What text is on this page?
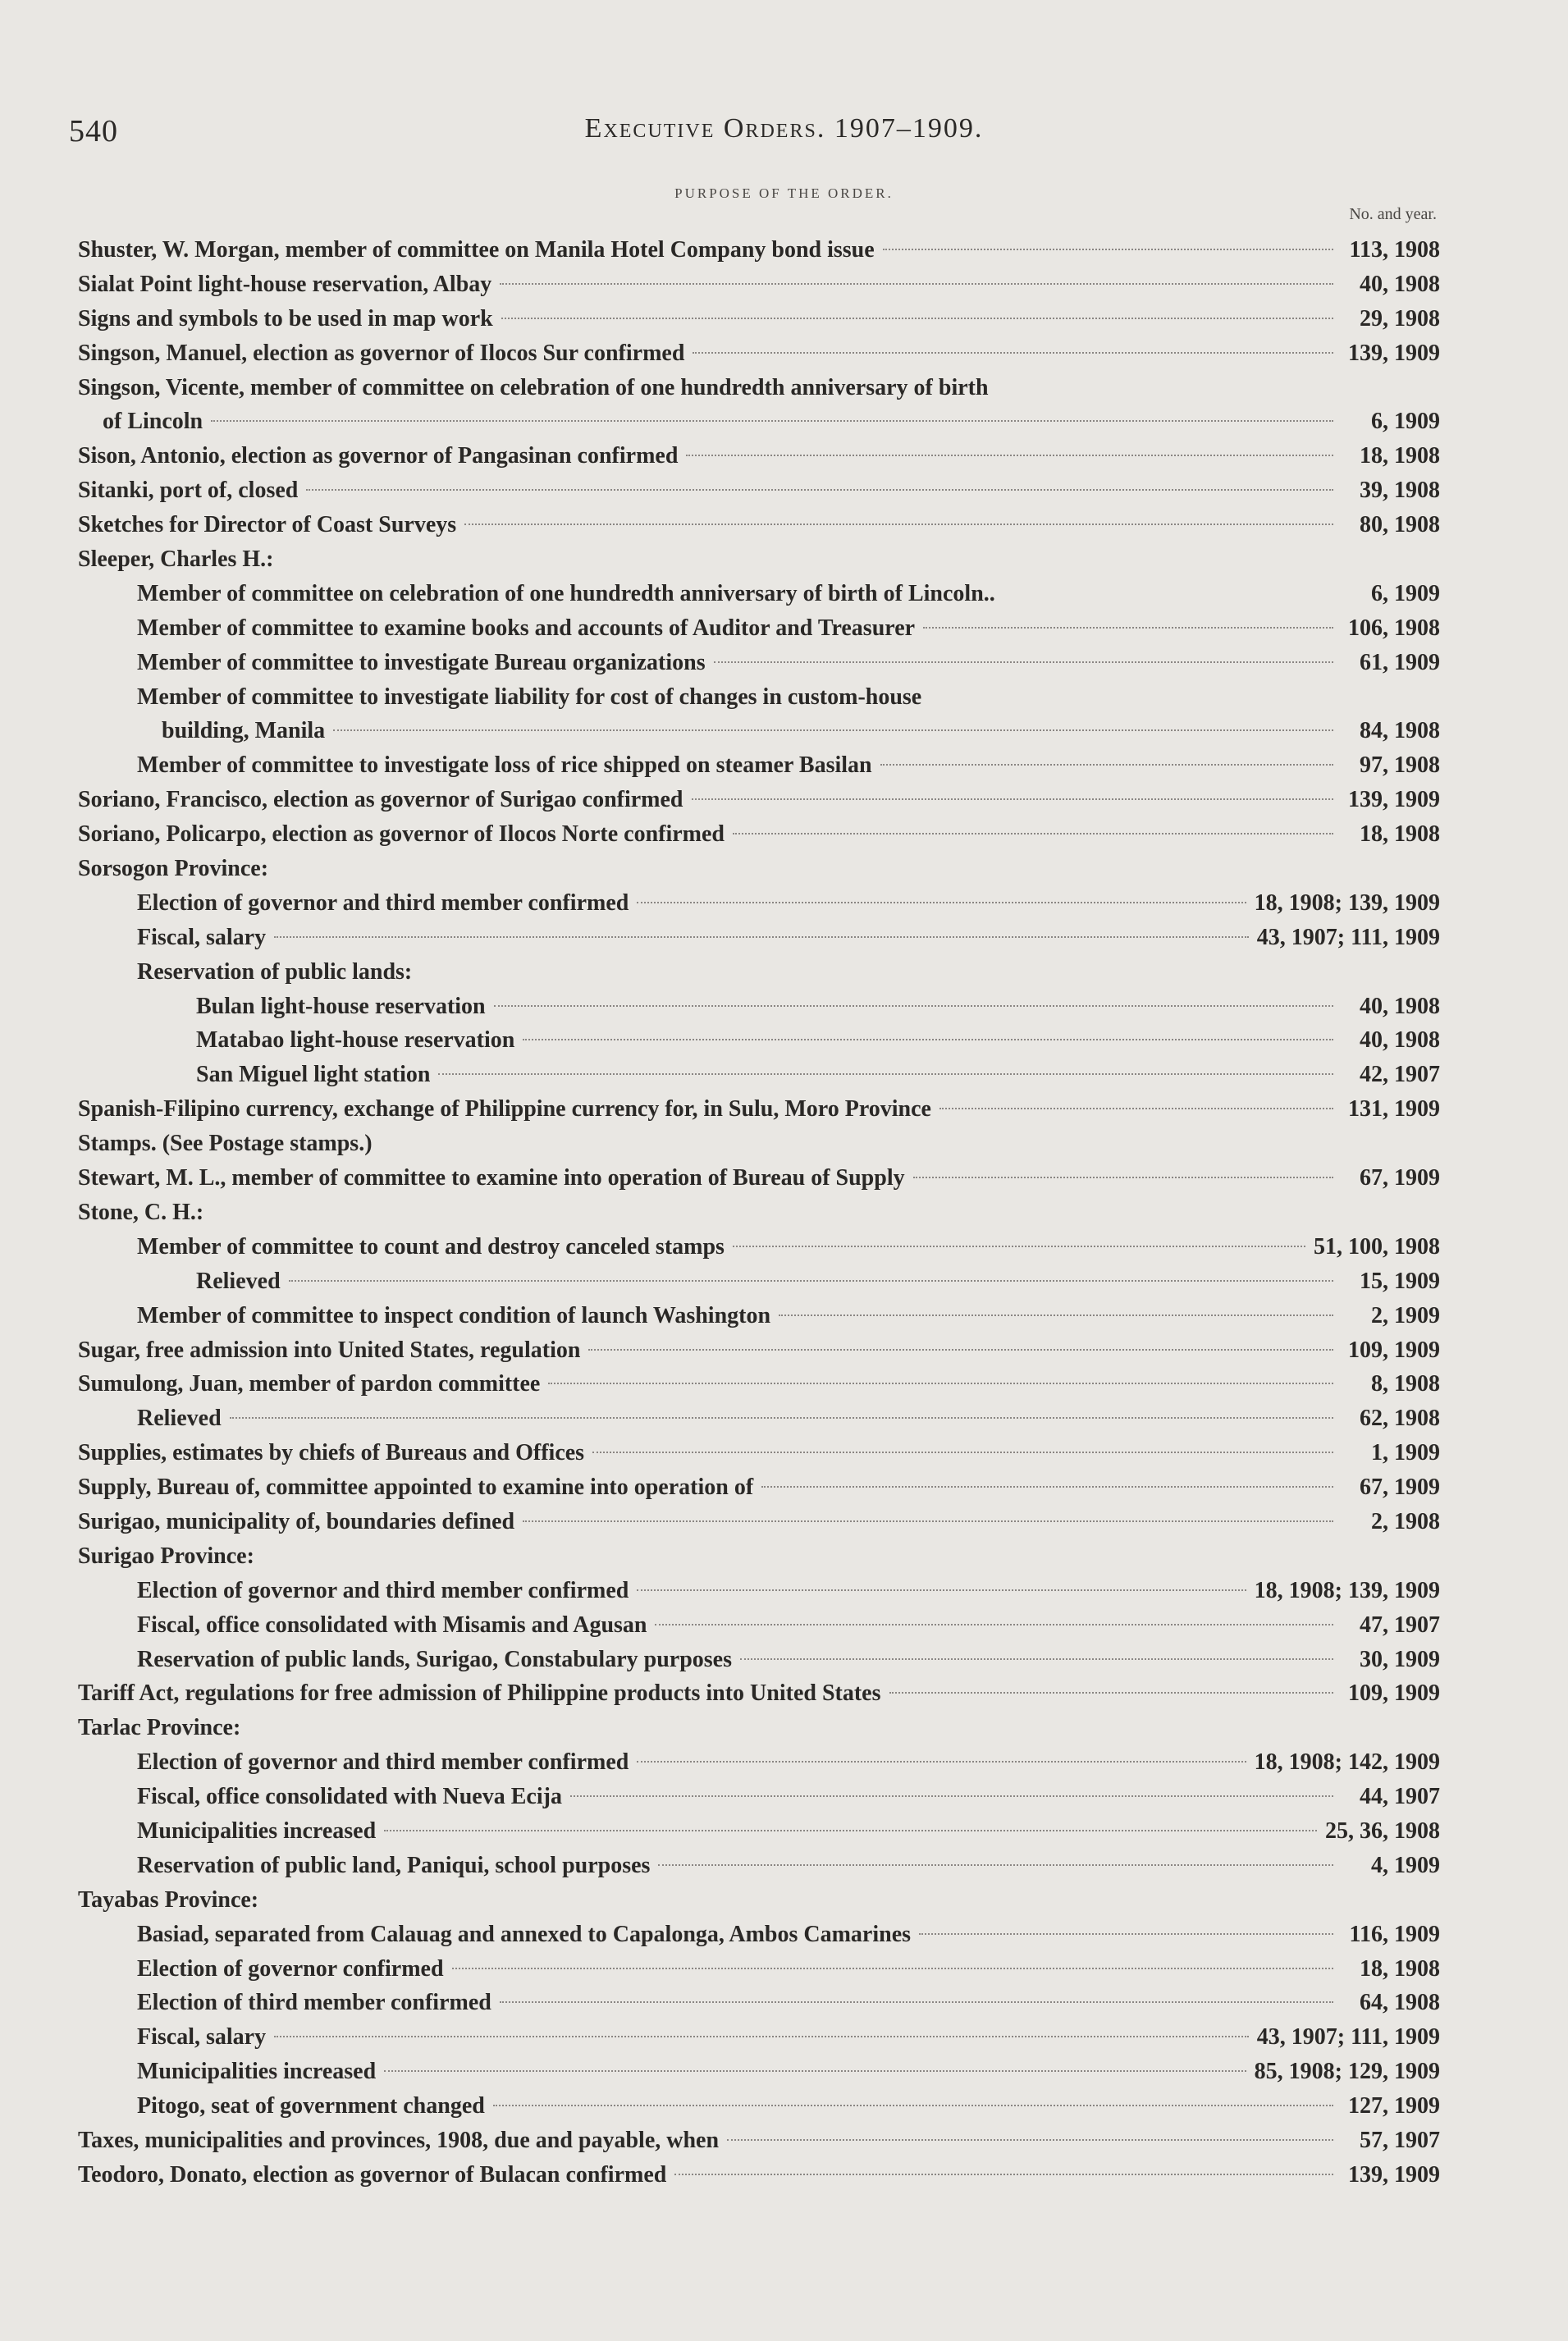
540	Executive Orders. 1907–1909.
PURPOSE OF THE ORDER.
No. and year.
Shuster, W. Morgan, member of committee on Manila Hotel Company bond issue	113, 1908
Sialat Point light-house reservation, Albay	40, 1908
Signs and symbols to be used in map work	29, 1908
Singson, Manuel, election as governor of Ilocos Sur confirmed	139, 1909
Singson, Vicente, member of committee on celebration of one hundredth anniversary of birth
of Lincoln	6, 1909
Sison, Antonio, election as governor of Pangasinan confirmed	18, 1908
Sitanki, port of, closed	39, 1908
Sketches for Director of Coast Surveys	80, 1908
Sleeper, Charles H.:
Member of committee on celebration of one hundredth anniversary of birth of Lincoln..	6, 1909
Member of committee to examine books and accounts of Auditor and Treasurer	106, 1908
Member of committee to investigate Bureau organizations	61, 1909
Member of committee to investigate liability for cost of changes in custom-house
building, Manila	84, 1908
Member of committee to investigate loss of rice shipped on steamer Basilan	97, 1908
Soriano, Francisco, election as governor of Surigao confirmed	139, 1909
Soriano, Policarpo, election as governor of Ilocos Norte confirmed	18, 1908
Sorsogon Province:
Election of governor and third member confirmed	18, 1908; 139, 1909
Fiscal, salary	43, 1907; 111, 1909
Reservation of public lands:
Bulan light-house reservation	40, 1908
Matabao light-house reservation	40, 1908
San Miguel light station	42, 1907
Spanish-Filipino currency, exchange of Philippine currency for, in Sulu, Moro Province	131, 1909
Stamps. (See Postage stamps.)
Stewart, M. L., member of committee to examine into operation of Bureau of Supply	67, 1909
Stone, C. H.:
Member of committee to count and destroy canceled stamps	51, 100, 1908
Relieved	15, 1909
Member of committee to inspect condition of launch Washington	2, 1909
Sugar, free admission into United States, regulation	109, 1909
Sumulong, Juan, member of pardon committee	8, 1908
Relieved	62, 1908
Supplies, estimates by chiefs of Bureaus and Offices	1, 1909
Supply, Bureau of, committee appointed to examine into operation of	67, 1909
Surigao, municipality of, boundaries defined	2, 1908
Surigao Province:
Election of governor and third member confirmed	18, 1908; 139, 1909
Fiscal, office consolidated with Misamis and Agusan	47, 1907
Reservation of public lands, Surigao, Constabulary purposes	30, 1909
Tariff Act, regulations for free admission of Philippine products into United States	109, 1909
Tarlac Province:
Election of governor and third member confirmed	18, 1908; 142, 1909
Fiscal, office consolidated with Nueva Ecija	44, 1907
Municipalities increased	25, 36, 1908
Reservation of public land, Paniqui, school purposes	4, 1909
Tayabas Province:
Basiad, separated from Calauag and annexed to Capalonga, Ambos Camarines	116, 1909
Election of governor confirmed	18, 1908
Election of third member confirmed	64, 1908
Fiscal, salary	43, 1907; 111, 1909
Municipalities increased	85, 1908; 129, 1909
Pitogo, seat of government changed	127, 1909
Taxes, municipalities and provinces, 1908, due and payable, when	57, 1907
Teodoro, Donato, election as governor of Bulacan confirmed	139, 1909
